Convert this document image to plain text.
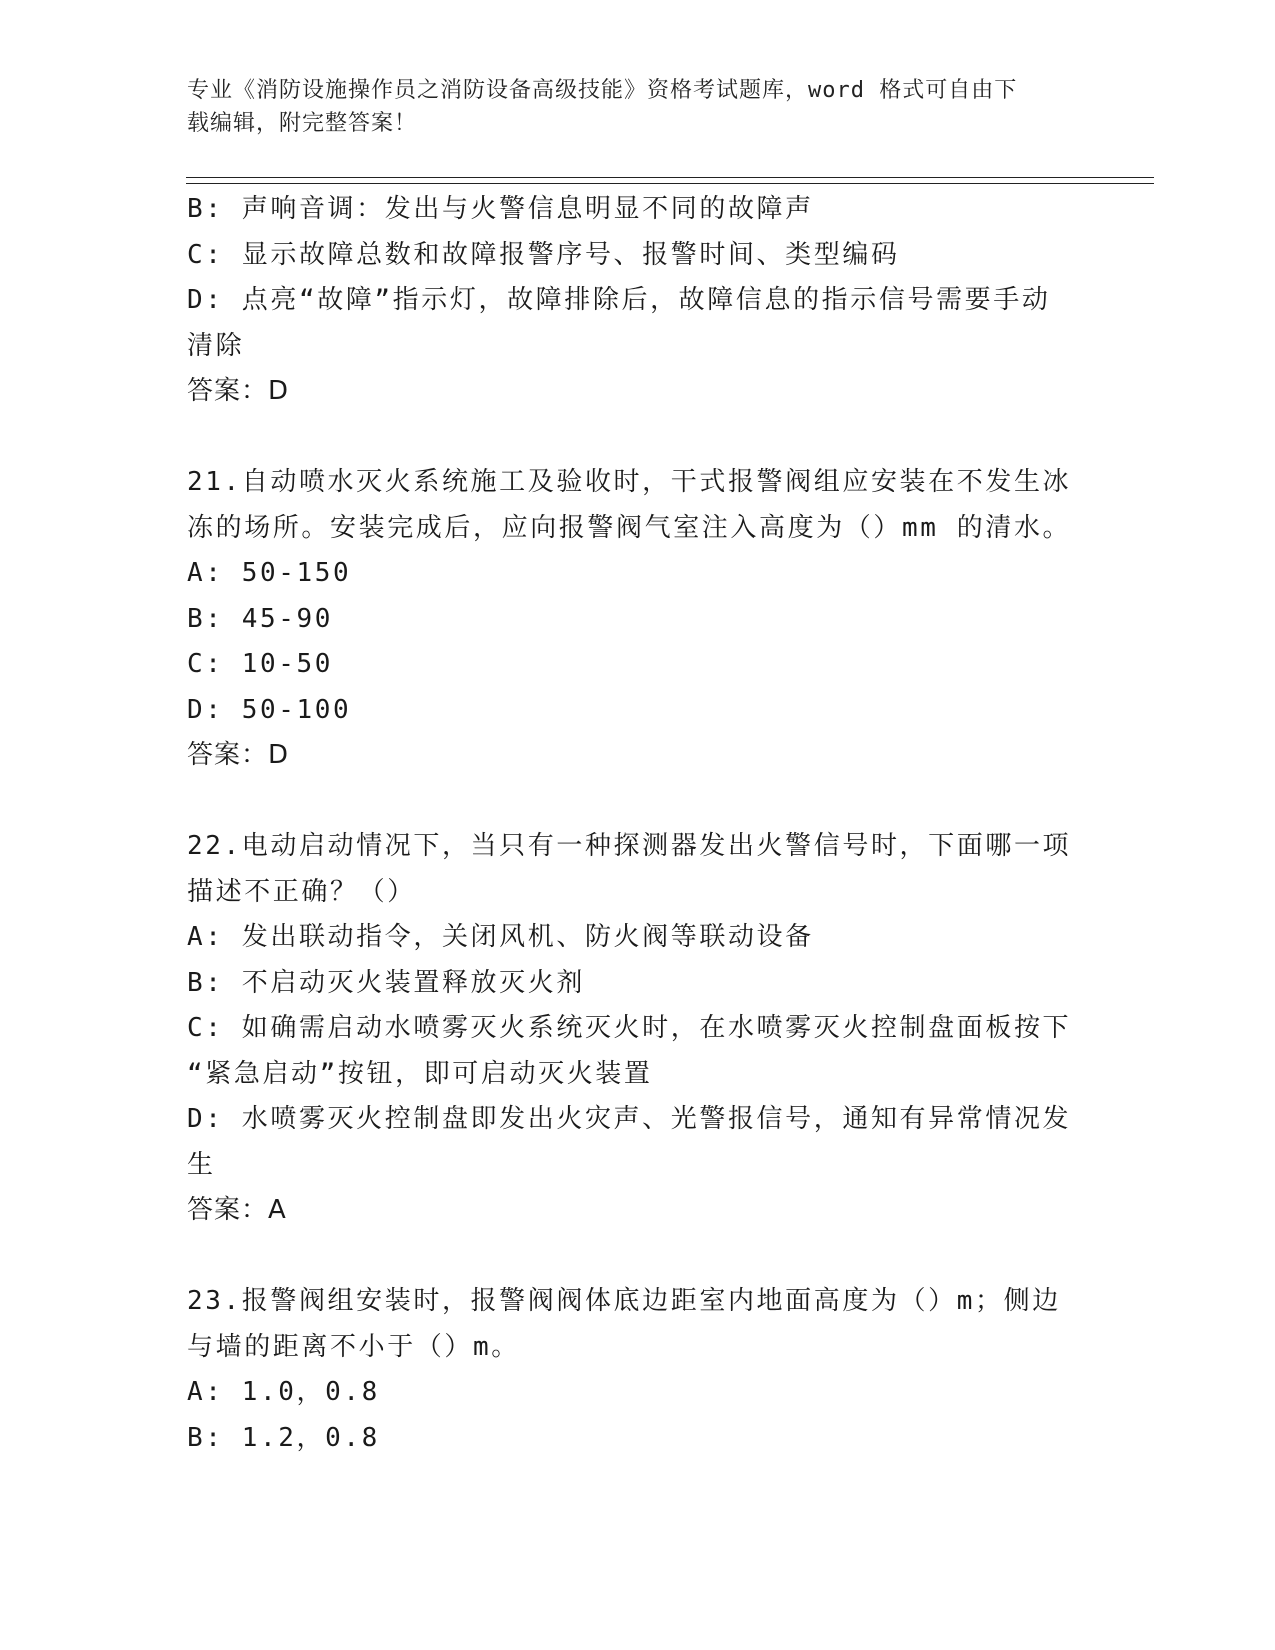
专业《消防设施操作员之消防设备高级技能》资格考试题库，word 格式可自由下
载编辑，附完整答案！
B: 声响音调：发出与火警信息明显不同的故障声
C: 显示故障总数和故障报警序号、报警时间、类型编码
D: 点亮“故障”指示灯，故障排除后，故障信息的指示信号需要手动
清除
答案：D
21.自动喷水灭火系统施工及验收时，干式报警阀组应安装在不发生冰
冻的场所。安装完成后，应向报警阀气室注入高度为（）mm 的清水。
A: 50-150
B: 45-90
C: 10-50
D: 50-100
答案：D
22.电动启动情况下，当只有一种探测器发出火警信号时，下面哪一项
描述不正确？（）
A: 发出联动指令，关闭风机、防火阀等联动设备
B: 不启动灭火装置释放灭火剂
C: 如确需启动水喷雾灭火系统灭火时，在水喷雾灭火控制盘面板按下
“紧急启动”按钮，即可启动灭火装置
D: 水喷雾灭火控制盘即发出火灾声、光警报信号，通知有异常情况发
生
答案：A
23.报警阀组安装时，报警阀阀体底边距室内地面高度为（）m；侧边
与墙的距离不小于（）m。
A: 1.0，0.8
B: 1.2，0.8
